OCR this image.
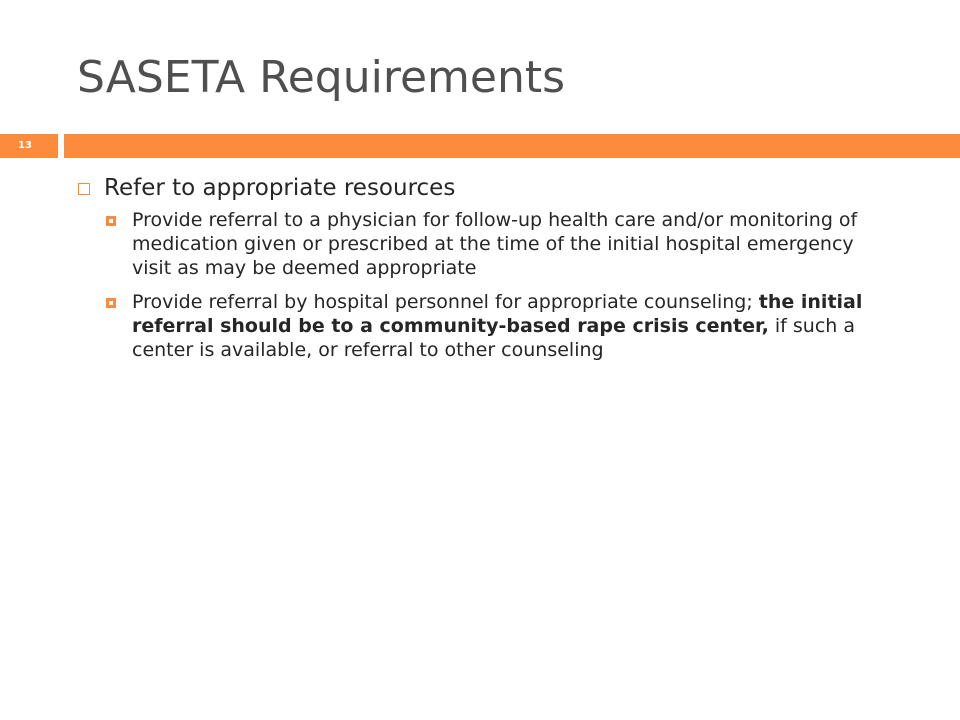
SASETA Requirements
13
Refer to appropriate resources
Provide referral to a physician for follow-up health care and/or monitoring of medication given or prescribed at the time of the initial hospital emergency visit as may be deemed appropriate
Provide referral by hospital personnel for appropriate counseling; the initial referral should be to a community-based rape crisis center, if such a center is available, or referral to other counseling
